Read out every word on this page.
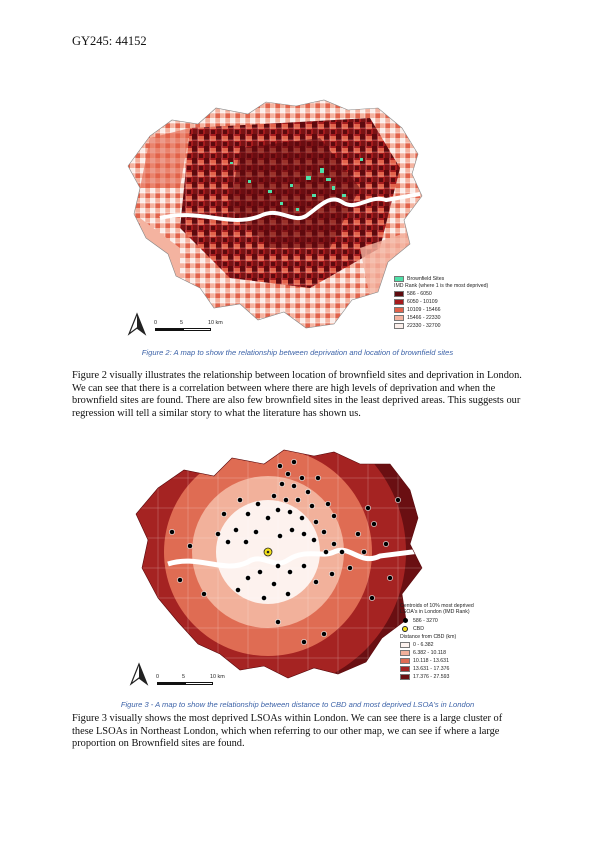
GY245: 44152
0	5	10 km
Brownfield Sites
IMD Rank (where 1 is the most deprived)
586 - 6050
6050 - 10109
10109 - 15466
15466 - 22330
22330 - 32700
Figure 2: A map to show the relationship between deprivation and location of brownfield sites
Figure 2 visually illustrates the relationship between location of brownfield sites and deprivation in London. We can see that there is a correlation between where there are high levels of deprivation and when the brownfield sites are found. There are also few brownfield sites in the least deprived areas. This suggests our regression will tell a similar story to what the literature has shown us.
0	5	10 km
Centroids of 10% most deprived LSOA's in London (IMD Rank)
586 - 3270
CBD
Distance from CBD (km)
0 - 6.382
6.382 - 10.118
10.118 - 13.631
13.631 - 17.376
17.376 - 27.593
Figure 3 - A map to show the relationship between distance to CBD and most deprived LSOA's in London
Figure 3 visually shows the most deprived LSOAs within London. We can see there is a large cluster of these LSOAs in Northeast London, which when referring to our other map, we can see if where a large proportion on Brownfield sites are found.
